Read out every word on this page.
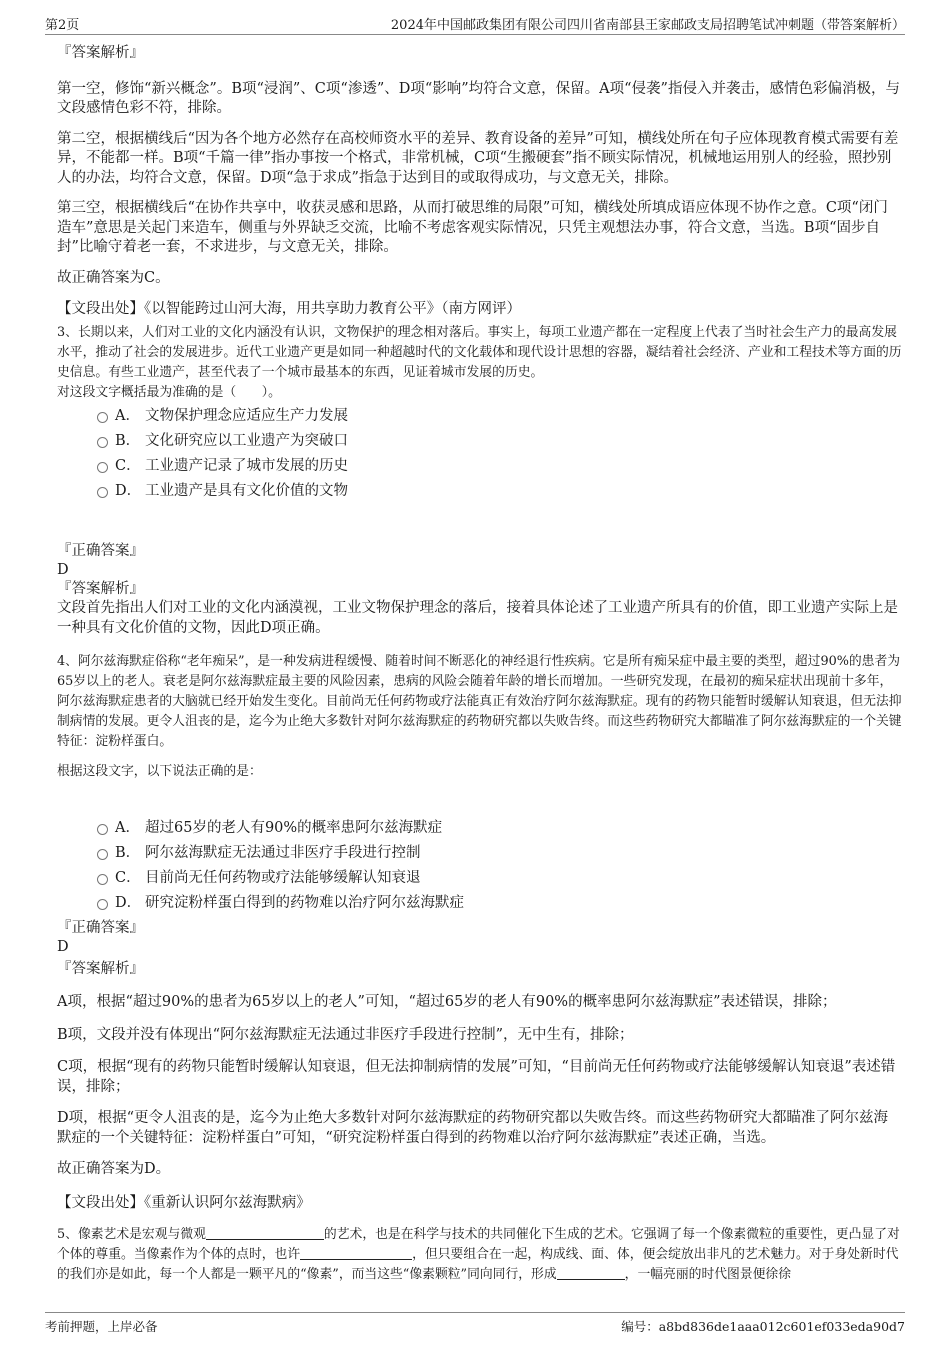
第2页	2024年中国邮政集团有限公司四川省南部县王家邮政支局招聘笔试冲刺题（带答案解析）

『答案解析』

第一空，修饰“新兴概念”。B项“浸润”、C项“渗透”、D项“影响”均符合文意，保留。A项“侵袭”指侵入并袭击，感情色彩偏消极，与文段感情色彩不符，排除。

第二空，根据横线后“因为各个地方必然存在高校师资水平的差异、教育设备的差异”可知，横线处所在句子应体现教育模式需要有差异，不能都一样。B项“千篇一律”指办事按一个格式，非常机械，C项“生搬硬套”指不顾实际情况，机械地运用别人的经验，照抄别人的办法，均符合文意，保留。D项“急于求成”指急于达到目的或取得成功，与文意无关，排除。

第三空，根据横线后“在协作共享中，收获灵感和思路，从而打破思维的局限”可知，横线处所填成语应体现不协作之意。C项“闭门造车”意思是关起门来造车，侧重与外界缺乏交流，比喻不考虑客观实际情况，只凭主观想法办事，符合文意，当选。B项“固步自封”比喻守着老一套，不求进步，与文意无关，排除。

故正确答案为C。

【文段出处】《以智能跨过山河大海，用共享助力教育公平》（南方网评）

3、长期以来，人们对工业的文化内涵没有认识，文物保护的理念相对落后。事实上，每项工业遗产都在一定程度上代表了当时社会生产力的最高发展水平，推动了社会的发展进步。近代工业遗产更是如同一种超越时代的文化载体和现代设计思想的容器，凝结着社会经济、产业和工程技术等方面的历史信息。有些工业遗产，甚至代表了一个城市最基本的东西，见证着城市发展的历史。

对这段文字概括最为准确的是（　　）。

A． 文物保护理念应适应生产力发展
B． 文化研究应以工业遗产为突破口
C． 工业遗产记录了城市发展的历史
D． 工业遗产是具有文化价值的文物

『正确答案』

D

『答案解析』

文段首先指出人们对工业的文化内涵漠视，工业文物保护理念的落后，接着具体论述了工业遗产所具有的价值，即工业遗产实际上是一种具有文化价值的文物，因此D项正确。

4、阿尔兹海默症俗称“老年痴呆”，是一种发病进程缓慢、随着时间不断恶化的神经退行性疾病。它是所有痴呆症中最主要的类型，超过90%的患者为65岁以上的老人。衰老是阿尔兹海默症最主要的风险因素，患病的风险会随着年龄的增长而增加。一些研究发现，在最初的痴呆症状出现前十多年，阿尔兹海默症患者的大脑就已经开始发生变化。目前尚无任何药物或疗法能真正有效治疗阿尔兹海默症。现有的药物只能暂时缓解认知衰退，但无法抑制病情的发展。更令人沮丧的是，迄今为止绝大多数针对阿尔兹海默症的药物研究都以失败告终。而这些药物研究大都瞄准了阿尔兹海默症的一个关键特征：淀粉样蛋白。

根据这段文字，以下说法正确的是：

A． 超过65岁的老人有90%的概率患阿尔兹海默症
B． 阿尔兹海默症无法通过非医疗手段进行控制
C． 目前尚无任何药物或疗法能够缓解认知衰退
D． 研究淀粉样蛋白得到的药物难以治疗阿尔兹海默症

『正确答案』

D

『答案解析』

A项，根据“超过90%的患者为65岁以上的老人”可知，“超过65岁的老人有90%的概率患阿尔兹海默症”表述错误，排除；

B项，文段并没有体现出“阿尔兹海默症无法通过非医疗手段进行控制”，无中生有，排除；

C项，根据“现有的药物只能暂时缓解认知衰退，但无法抑制病情的发展”可知，“目前尚无任何药物或疗法能够缓解认知衰退”表述错误，排除；

D项，根据“更令人沮丧的是，迄今为止绝大多数针对阿尔兹海默症的药物研究都以失败告终。而这些药物研究大都瞄准了阿尔兹海默症的一个关键特征：淀粉样蛋白”可知，“研究淀粉样蛋白得到的药物难以治疗阿尔兹海默症”表述正确，当选。

故正确答案为D。

【文段出处】《重新认识阿尔兹海默病》

5、像素艺术是宏观与微观	的艺术，也是在科学与技术的共同催化下生成的艺术。它强调了每一个像素微粒的重要性，更凸显了对个体的尊重。当像素作为个体的点时，也许	，但只要组合在一起，构成线、面、体，便会绽放出非凡的艺术魅力。对于身处新时代的我们亦是如此，每一个人都是一颗平凡的“像素”，而当这些“像素颗粒”同向同行，形成	，一幅亮丽的时代图景便徐徐

考前押题，上岸必备	编号：a8bd836de1aaa012c601ef033eda90d7
